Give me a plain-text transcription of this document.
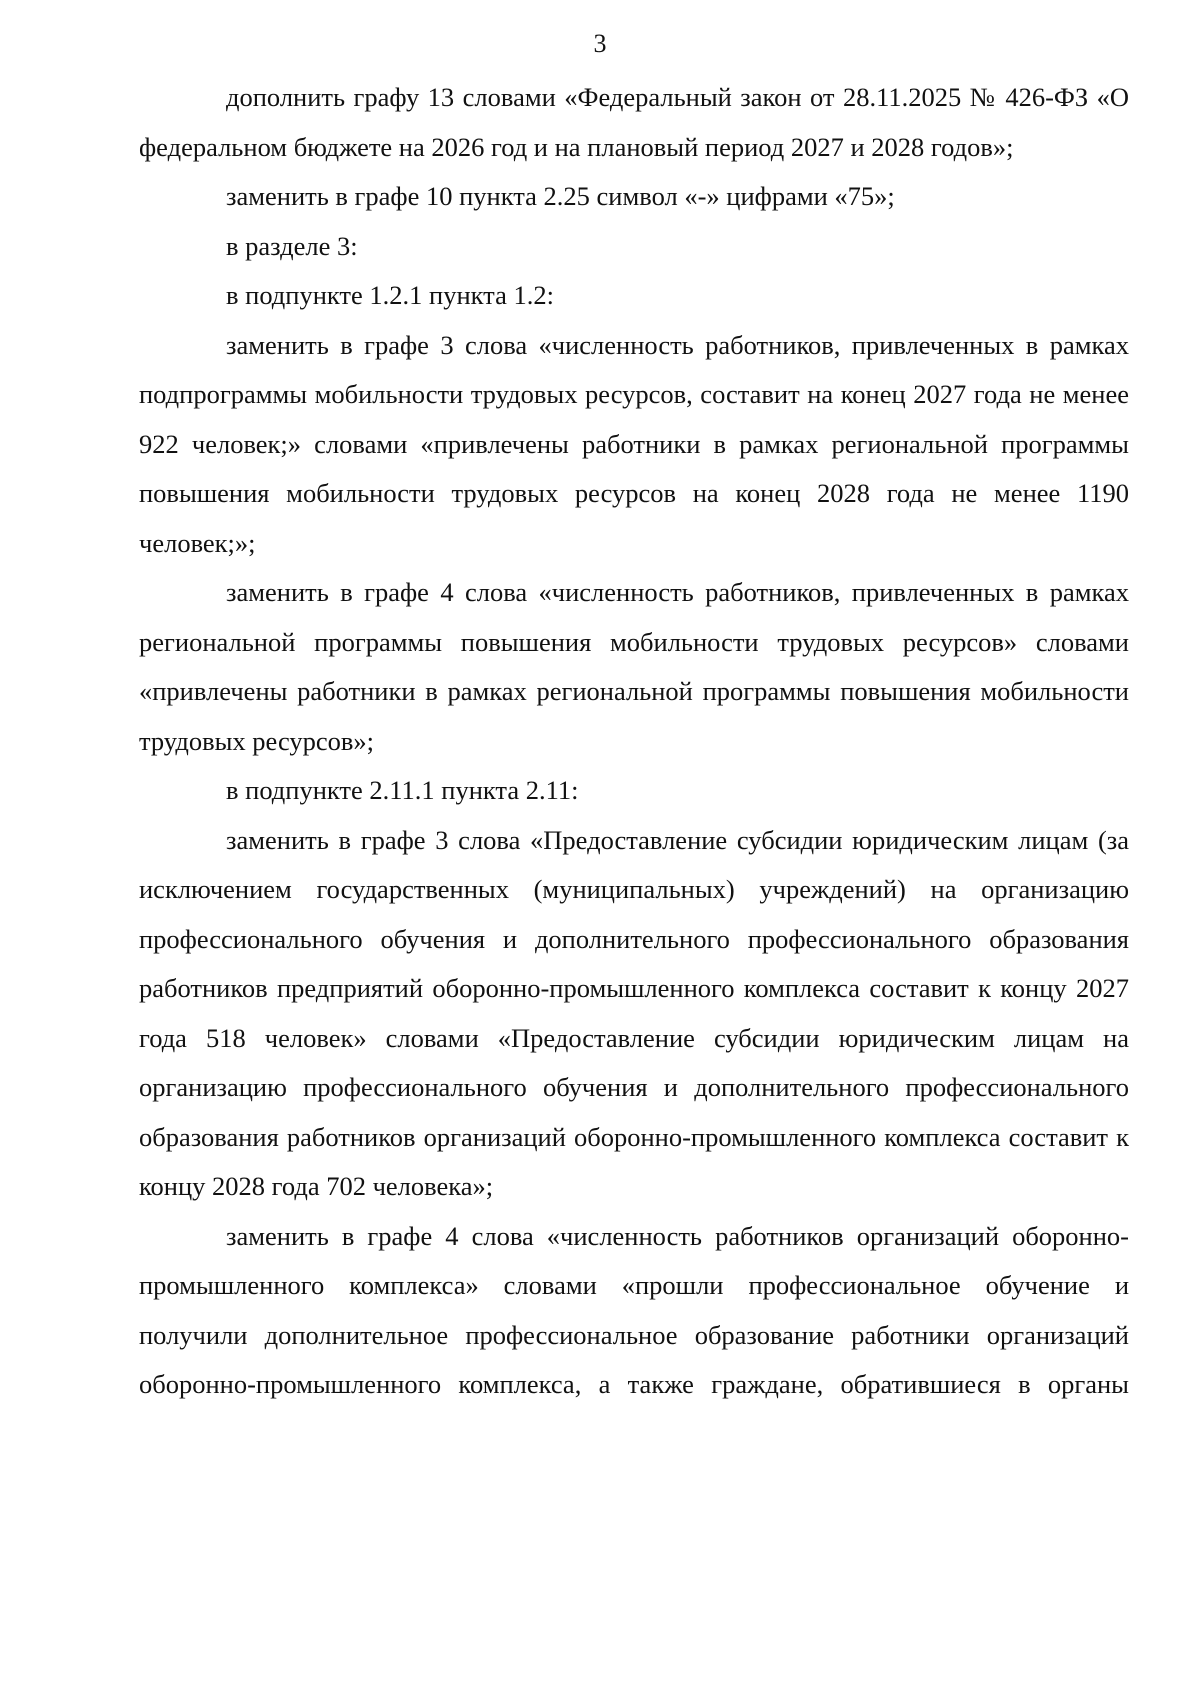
3

дополнить графу 13 словами «Федеральный закон от 28.11.2025 № 426-ФЗ «О федеральном бюджете на 2026 год и на плановый период 2027 и 2028 годов»;

заменить в графе 10 пункта 2.25 символ «-» цифрами «75»;

в разделе 3:

в подпункте 1.2.1 пункта 1.2:

заменить в графе 3 слова «численность работников, привлеченных в рамках подпрограммы мобильности трудовых ресурсов, составит на конец 2027 года не менее 922 человек;» словами «привлечены работники в рамках региональной программы повышения мобильности трудовых ресурсов на конец 2028 года не менее 1190 человек;»;

заменить в графе 4 слова «численность работников, привлеченных в рамках региональной программы повышения мобильности трудовых ресурсов» словами «привлечены работники в рамках региональной программы повышения мобильности трудовых ресурсов»;

в подпункте 2.11.1 пункта 2.11:

заменить в графе 3 слова «Предоставление субсидии юридическим лицам (за исключением государственных (муниципальных) учреждений) на организацию профессионального обучения и дополнительного профессионального образования работников предприятий оборонно-промышленного комплекса составит к концу 2027 года 518 человек» словами «Предоставление субсидии юридическим лицам на организацию профессионального обучения и дополнительного профессионального образования работников организаций оборонно-промышленного комплекса составит к концу 2028 года 702 человека»;

заменить в графе 4 слова «численность работников организаций оборонно-промышленного комплекса» словами «прошли профессиональное обучение и получили дополнительное профессиональное образование работники организаций оборонно-промышленного комплекса, а также граждане, обратившиеся в органы
